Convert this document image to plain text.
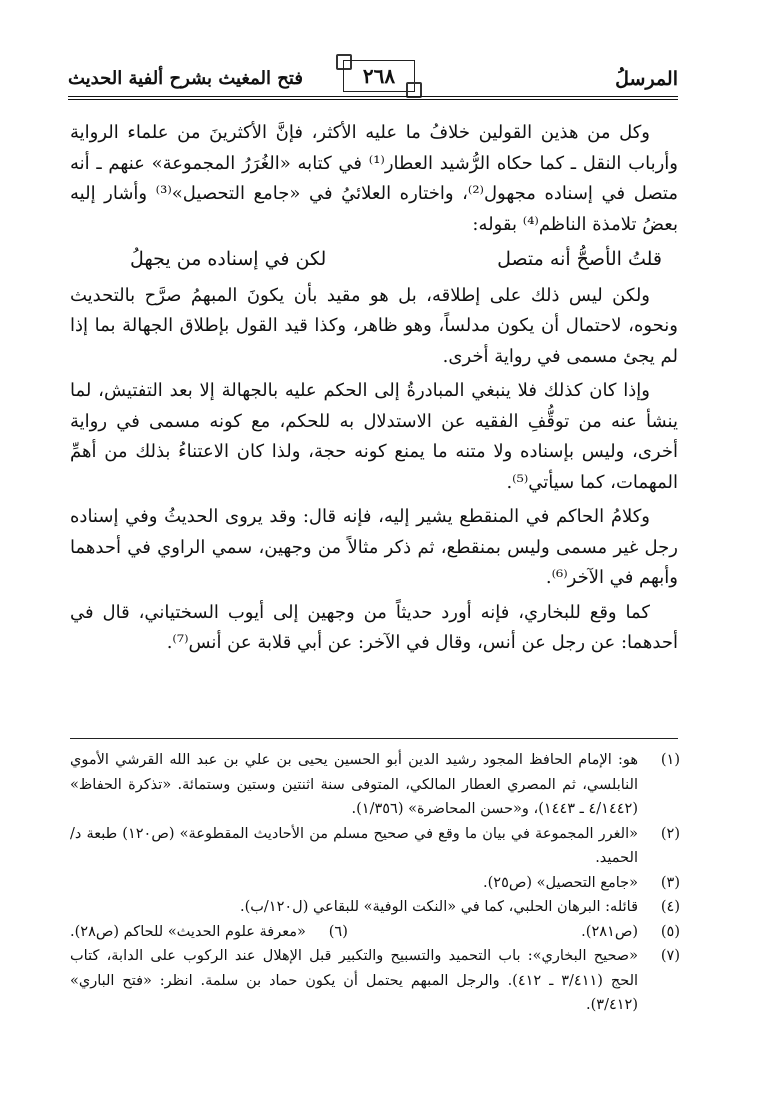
المرسلُ
٢٦٨
فتح المغيث بشرح ألفية الحديث

وكل من هذين القولين خلافُ ما عليه الأكثر، فإنَّ الأكثرينَ من علماء الرواية وأرباب النقل ـ كما حكاه الرُّشيد العطار⁽¹⁾ في كتابه «الغُرَرُ المجموعة» عنهم ـ أنه متصل في إسناده مجهول⁽²⁾، واختاره العلائيُ في «جامع التحصيل»⁽³⁾ وأشار إليه بعضُ تلامذة الناظم⁽⁴⁾ بقوله:

قلتُ الأصحُّ أنه متصل
لكن في إسناده من يجهلُ

ولكن ليس ذلك على إطلاقه، بل هو مقيد بأن يكونَ المبهمُ صرَّح بالتحديث ونحوه، لاحتمال أن يكون مدلساً، وهو ظاهر، وكذا قيد القول بإطلاق الجهالة بما إذا لم يجئ مسمى في رواية أخرى.

وإذا كان كذلك فلا ينبغي المبادرةُ إلى الحكم عليه بالجهالة إلا بعد التفتيش، لما ينشأ عنه من توقُّفِ الفقيه عن الاستدلال به للحكم، مع كونه مسمى في رواية أخرى، وليس بإسناده ولا متنه ما يمنع كونه حجة، ولذا كان الاعتناءُ بذلك من أهمِّ المهمات، كما سيأتي⁽⁵⁾.

وكلامُ الحاكم في المنقطع يشير إليه، فإنه قال: وقد يروى الحديثُ وفي إسناده رجل غير مسمى وليس بمنقطع، ثم ذكر مثالاً من وجهين، سمي الراوي في أحدهما وأبهم في الآخر⁽⁶⁾.

كما وقع للبخاري، فإنه أورد حديثاً من وجهين إلى أيوب السختياني، قال في أحدهما: عن رجل عن أنس، وقال في الآخر: عن أبي قلابة عن أنس⁽⁷⁾.

(١)
هو: الإمام الحافظ المجود رشيد الدين أبو الحسين يحيى بن علي بن عبد الله القرشي الأموي النابلسي، ثم المصري العطار المالكي، المتوفى سنة اثنتين وستين وستمائة. «تذكرة الحفاظ» (٤/١٤٤٢ ـ ١٤٤٣)، و«حسن المحاضرة» (١/٣٥٦).
(٢)
«الغرر المجموعة في بيان ما وقع في صحيح مسلم من الأحاديث المقطوعة» (ص١٢٠) طبعة د/ الحميد.
(٣)
«جامع التحصيل» (ص٢٥).
(٤)
قائله: البرهان الحلبي، كما في «النكت الوفية» للبقاعي (ل١٢٠/ب).
(٥)
(ص٢٨١).
(٦)
«معرفة علوم الحديث» للحاكم (ص٢٨).
(٧)
«صحيح البخاري»: باب التحميد والتسبيح والتكبير قبل الإهلال عند الركوب على الدابة، كتاب الحج (٣/٤١١ ـ ٤١٢). والرجل المبهم يحتمل أن يكون حماد بن سلمة. انظر: «فتح الباري» (٣/٤١٢).
